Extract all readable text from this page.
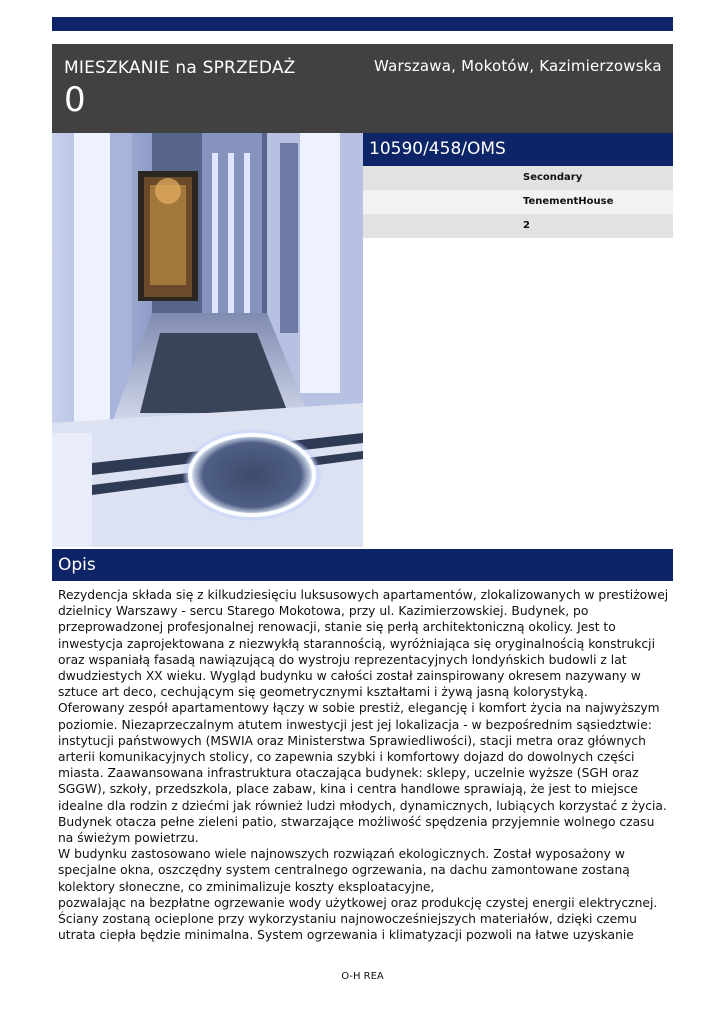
MIESZKANIE na SPRZEDAŻ
0
Warszawa, Mokotów, Kazimierzowska
10590/458/OMS
Secondary
TenementHouse
2
Opis

Rezydencja składa się z kilkudziesięciu luksusowych apartamentów, zlokalizowanych w prestiżowej dzielnicy Warszawy - sercu Starego Mokotowa, przy ul. Kazimierzowskiej. Budynek, po przeprowadzonej profesjonalnej renowacji, stanie się perłą architektoniczną okolicy. Jest to inwestycja zaprojektowana z niezwykłą starannością, wyróżniająca się oryginalnością konstrukcji oraz wspaniałą fasadą nawiązującą do wystroju reprezentacyjnych londyńskich budowli z lat dwudziestych XX wieku. Wygląd budynku w całości został zainspirowany okresem nazywany w sztuce art deco, cechującym się geometrycznymi kształtami i żywą jasną kolorystyką.

Oferowany zespół apartamentowy łączy w sobie prestiż, elegancję i komfort życia na najwyższym poziomie. Niezaprzeczalnym atutem inwestycji jest jej lokalizacja - w bezpośrednim sąsiedztwie: instytucji państwowych (MSWIA oraz Ministerstwa Sprawiedliwości), stacji metra oraz głównych arterii komunikacyjnych stolicy, co zapewnia szybki i komfortowy dojazd do dowolnych części miasta. Zaawansowana infrastruktura otaczająca budynek: sklepy, uczelnie wyższe (SGH oraz SGGW), szkoły, przedszkola, place zabaw, kina i centra handlowe sprawiają, że jest to miejsce idealne dla rodzin z dziećmi jak również ludzi młodych, dynamicznych, lubiących korzystać z życia. Budynek otacza pełne zieleni patio, stwarzające możliwość spędzenia przyjemnie wolnego czasu na świeżym powietrzu.

W budynku zastosowano wiele najnowszych rozwiązań ekologicznych. Został wyposażony w specjalne okna, oszczędny system centralnego ogrzewania, na dachu zamontowane zostaną kolektory słoneczne, co zminimalizuje koszty eksploatacyjne,

pozwalając na bezpłatne ogrzewanie wody użytkowej oraz produkcję czystej energii elektrycznej. Ściany zostaną ocieplone przy wykorzystaniu najnowocześniejszych materiałów, dzięki czemu utrata ciepła będzie minimalna. System ogrzewania i klimatyzacji pozwoli na łatwe uzyskanie

O-H REA
